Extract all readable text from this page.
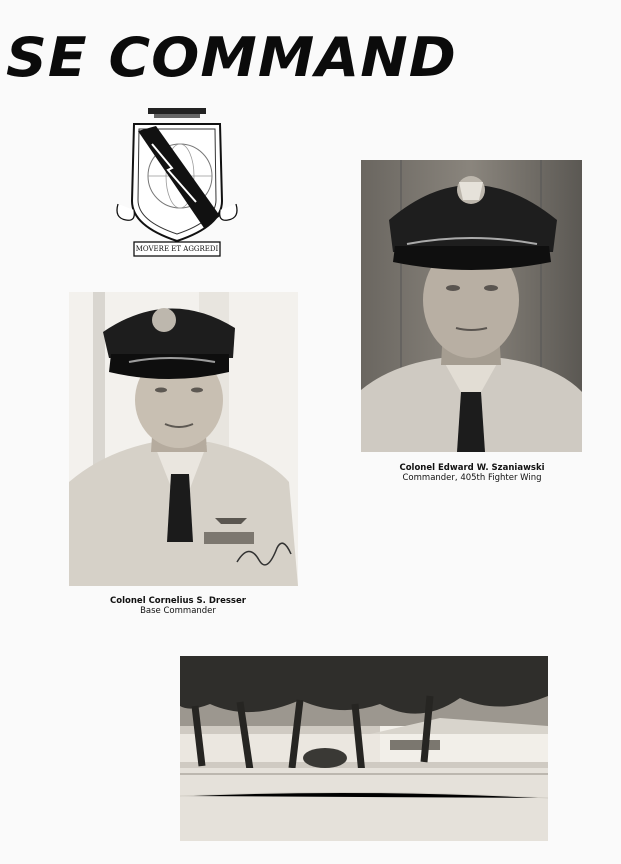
SE COMMAND
MOVERE ET AGGREDI
Colonel Edward W. Szaniawski
Commander, 405th Fighter Wing
Colonel Cornelius S. Dresser
Base Commander
